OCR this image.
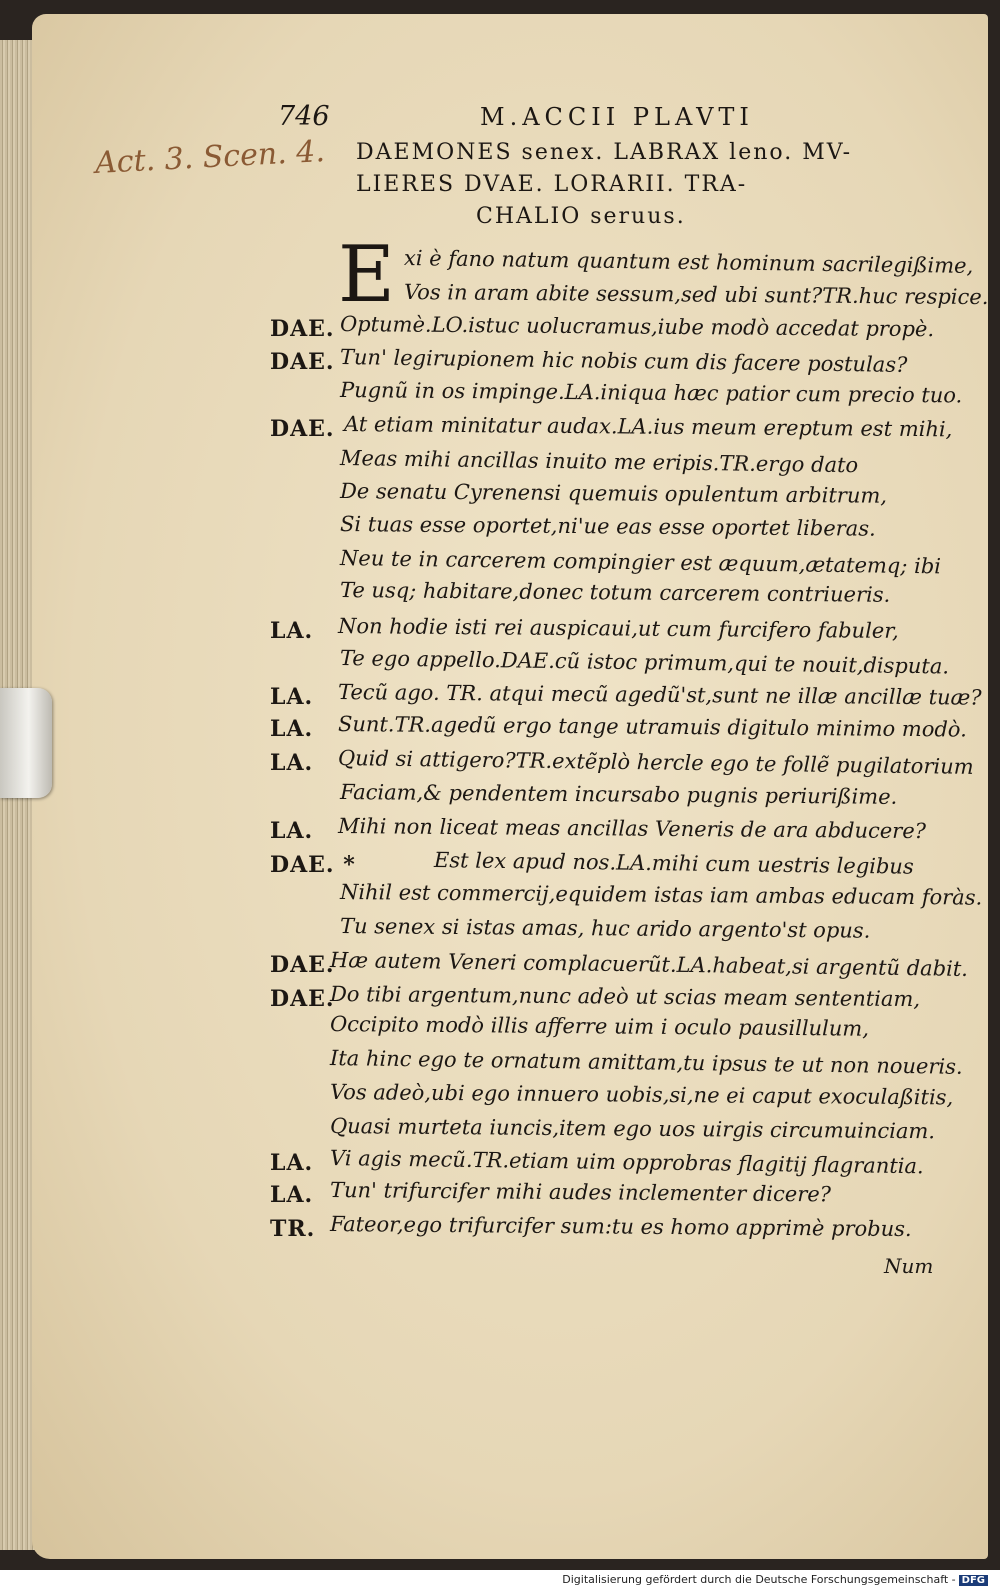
746	M.ACCII PLAVTI
Act. 3. Scen. 4. DAEMONES senex. LABRAX leno. MV-
LIERES DVAE. LORARII. TRA-
CHALIO seruus.
E xi è fano natum quantum est hominum sacrilegißime,
Vos in aram abite sessum,sed ubi sunt?TR.huc respice.
DAE. Optumè.LO.istuc uolucramus,iube modò accedat propè.
DAE. Tun' legirupionem hic nobis cum dis facere postulas?
Pugnũ in os impinge.LA.iniqua hæc patior cum precio tuo.
DAE. At etiam minitatur audax.LA.ius meum ereptum est mihi,
Meas mihi ancillas inuito me eripis.TR.ergo dato
De senatu Cyrenensi quemuis opulentum arbitrum,
Si tuas esse oportet,ni'ue eas esse oportet liberas.
Neu te in carcerem compingier est æquum,ætatemq; ibi
Te usq; habitare,donec totum carcerem contriueris.
LA. Non hodie isti rei auspicaui,ut cum furcifero fabuler,
Te ego appello.DAE.cũ istoc primum,qui te nouit,disputa.
LA. Tecũ ago. TR. atqui mecũ agedũ'st,sunt ne illæ ancillæ tuæ?
LA. Sunt.TR.agedũ ergo tange utramuis digitulo minimo modò.
LA. Quid si attigero?TR.extẽplò hercle ego te follẽ pugilatorium
Faciam,& pendentem incursabo pugnis periurißime.
LA. Mihi non liceat meas ancillas Veneris de ara abducere?
DAE. *	Est lex apud nos.LA.mihi cum uestris legibus
Nihil est commercij,equidem istas iam ambas educam foràs.
Tu senex si istas amas, huc arido argento'st opus.
DAE.
Hæ autem Veneri complacuerũt.LA.habeat,si argentũ dabit.
DAE.
Do tibi argentum,nunc adeò ut scias meam sententiam,
Occipito modò illis afferre uim i oculo pausillulum,
Ita hinc ego te ornatum amittam,tu ipsus te ut non noueris.
Vos adeò,ubi ego innuero uobis,si,ne ei caput exoculaßitis,
Quasi murteta iuncis,item ego uos uirgis circumuinciam.
LA. Vi agis mecũ.TR.etiam uim opprobras flagitij flagrantia.
LA. Tun' trifurcifer mihi audes inclementer dicere?
TR. Fateor,ego trifurcifer sum:tu es homo apprimè probus.
Num
Digitalisierung gefördert durch die Deutsche Forschungsgemeinschaft - DFG
